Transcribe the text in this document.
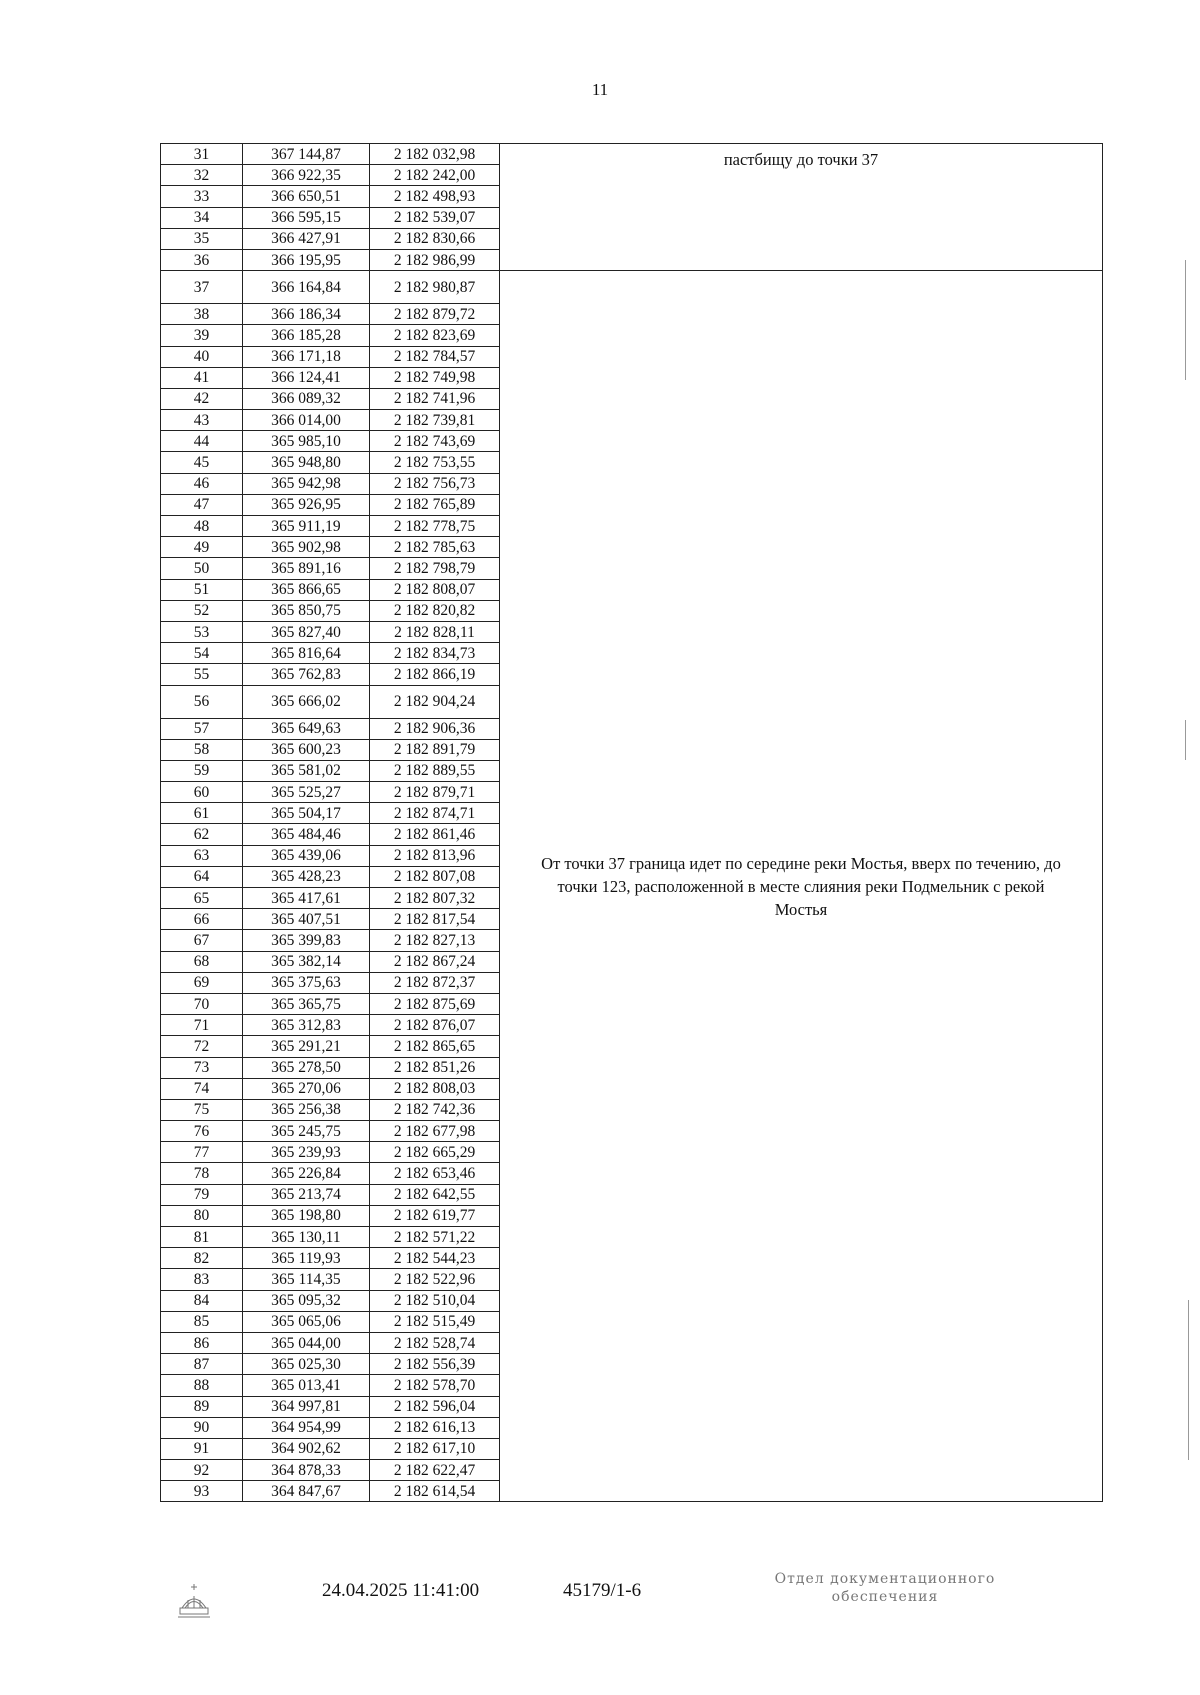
11
31	367 144,87	2 182 032,98	пастбищу до точки 37
32	366 922,35	2 182 242,00	
33	366 650,51	2 182 498,93	
34	366 595,15	2 182 539,07	
35	366 427,91	2 182 830,66	
36	366 195,95	2 182 986,99	
37	366 164,84	2 182 980,87	От точки 37 граница идет по середине реки Мостья, вверх по течению, до точки 123, расположенной в месте слияния реки Подмельник с рекой Мостья
38	366 186,34	2 182 879,72	
39	366 185,28	2 182 823,69	
40	366 171,18	2 182 784,57	
41	366 124,41	2 182 749,98	
42	366 089,32	2 182 741,96	
43	366 014,00	2 182 739,81	
44	365 985,10	2 182 743,69	
45	365 948,80	2 182 753,55	
46	365 942,98	2 182 756,73	
47	365 926,95	2 182 765,89	
48	365 911,19	2 182 778,75	
49	365 902,98	2 182 785,63	
50	365 891,16	2 182 798,79	
51	365 866,65	2 182 808,07	
52	365 850,75	2 182 820,82	
53	365 827,40	2 182 828,11	
54	365 816,64	2 182 834,73	
55	365 762,83	2 182 866,19	
56	365 666,02	2 182 904,24	
57	365 649,63	2 182 906,36	
58	365 600,23	2 182 891,79	
59	365 581,02	2 182 889,55	
60	365 525,27	2 182 879,71	
61	365 504,17	2 182 874,71	
62	365 484,46	2 182 861,46	
63	365 439,06	2 182 813,96	
64	365 428,23	2 182 807,08	
65	365 417,61	2 182 807,32	
66	365 407,51	2 182 817,54	
67	365 399,83	2 182 827,13	
68	365 382,14	2 182 867,24	
69	365 375,63	2 182 872,37	
70	365 365,75	2 182 875,69	
71	365 312,83	2 182 876,07	
72	365 291,21	2 182 865,65	
73	365 278,50	2 182 851,26	
74	365 270,06	2 182 808,03	
75	365 256,38	2 182 742,36	
76	365 245,75	2 182 677,98	
77	365 239,93	2 182 665,29	
78	365 226,84	2 182 653,46	
79	365 213,74	2 182 642,55	
80	365 198,80	2 182 619,77	
81	365 130,11	2 182 571,22	
82	365 119,93	2 182 544,23	
83	365 114,35	2 182 522,96	
84	365 095,32	2 182 510,04	
85	365 065,06	2 182 515,49	
86	365 044,00	2 182 528,74	
87	365 025,30	2 182 556,39	
88	365 013,41	2 182 578,70	
89	364 997,81	2 182 596,04	
90	364 954,99	2 182 616,13	
91	364 902,62	2 182 617,10	
92	364 878,33	2 182 622,47	
93	364 847,67	2 182 614,54	
24.04.2025 11:41:00	45179/1-6
Отдел документационного
обеспечения
